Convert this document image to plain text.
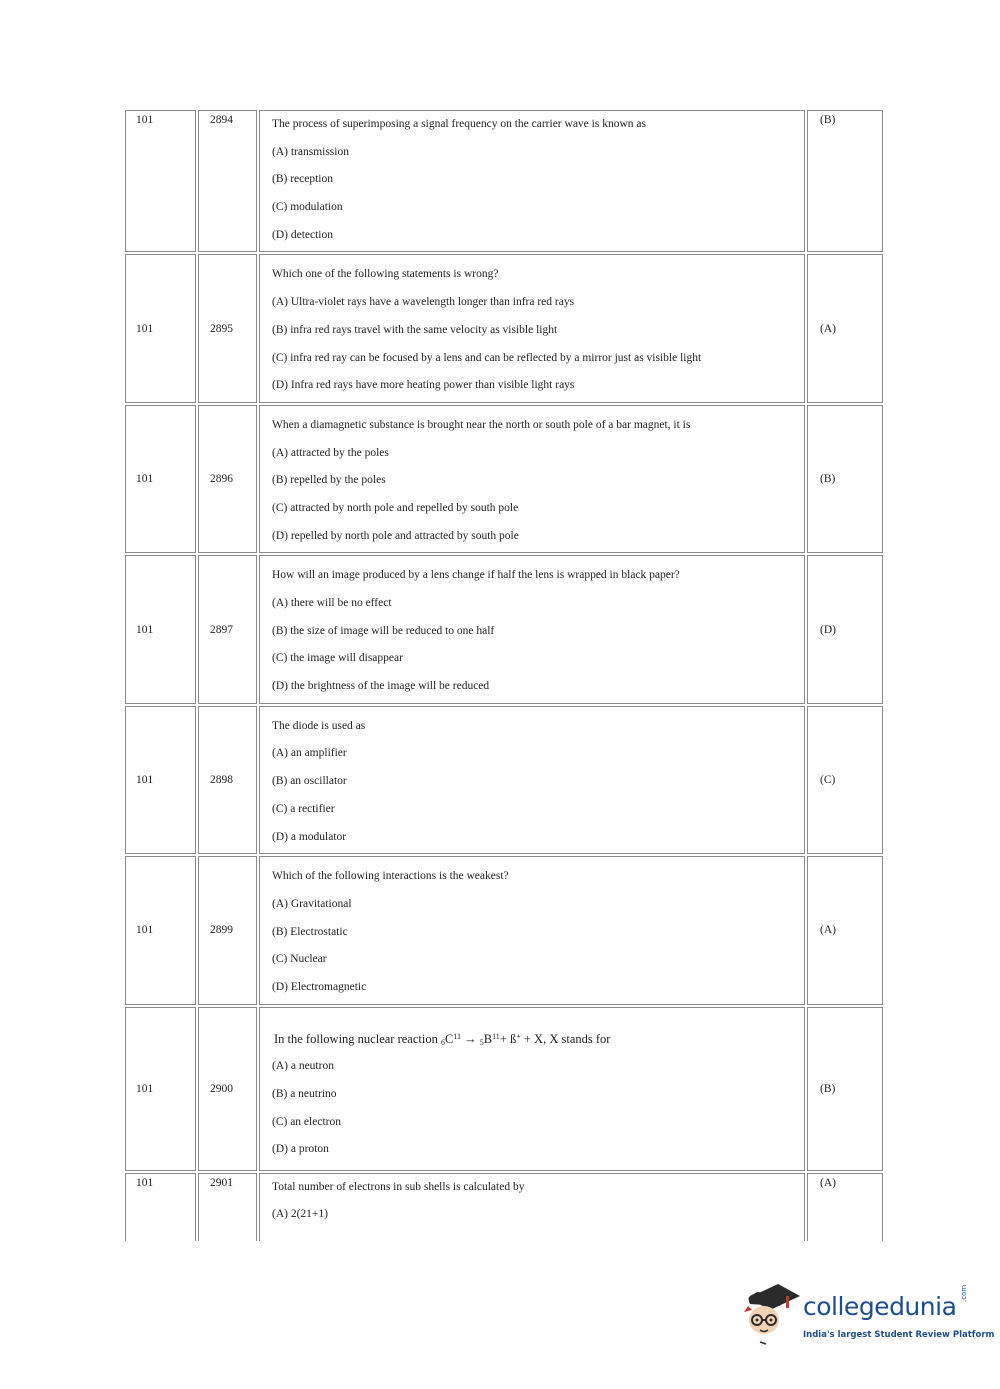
101	2894	The process of superimposing a signal frequency on the carrier wave is known as
(A) transmission
(B) reception
(C) modulation
(D) detection	(B)
101	2895	Which one of the following statements is wrong?
(A) Ultra-violet rays have a wavelength longer than infra red rays
(B) infra red rays travel with the same velocity as visible light
(C) infra red ray can be focused by a lens and can be reflected by a mirror just as visible light
(D) Infra red rays have more heating power than visible light rays	(A)
101	2896	When a diamagnetic substance is brought near the north or south pole of a bar magnet, it is
(A) attracted by the poles
(B) repelled by the poles
(C) attracted by north pole and repelled by south pole
(D) repelled by north pole and attracted by south pole	(B)
101	2897	How will an image produced by a lens change if half the lens is wrapped in black paper?
(A) there will be no effect
(B) the size of image will be reduced to one half
(C) the image will disappear
(D) the brightness of the image will be reduced	(D)
101	2898	The diode is used as
(A) an amplifier
(B) an oscillator
(C) a rectifier
(D) a modulator	(C)
101	2899	Which of the following interactions is the weakest?
(A) Gravitational
(B) Electrostatic
(C) Nuclear
(D) Electromagnetic	(A)
101	2900	In the following nuclear reaction $_6C^{11} \to _5B^{11}+$ ß+ + X, X stands for
(A) a neutron
(B) a neutrino
(C) an electron
(D) a proton	(B)
101	2901	Total number of electrons in sub shells is calculated by
(A) 2(21+1)	(A)
collegedunia .com
India's largest Student Review Platform
